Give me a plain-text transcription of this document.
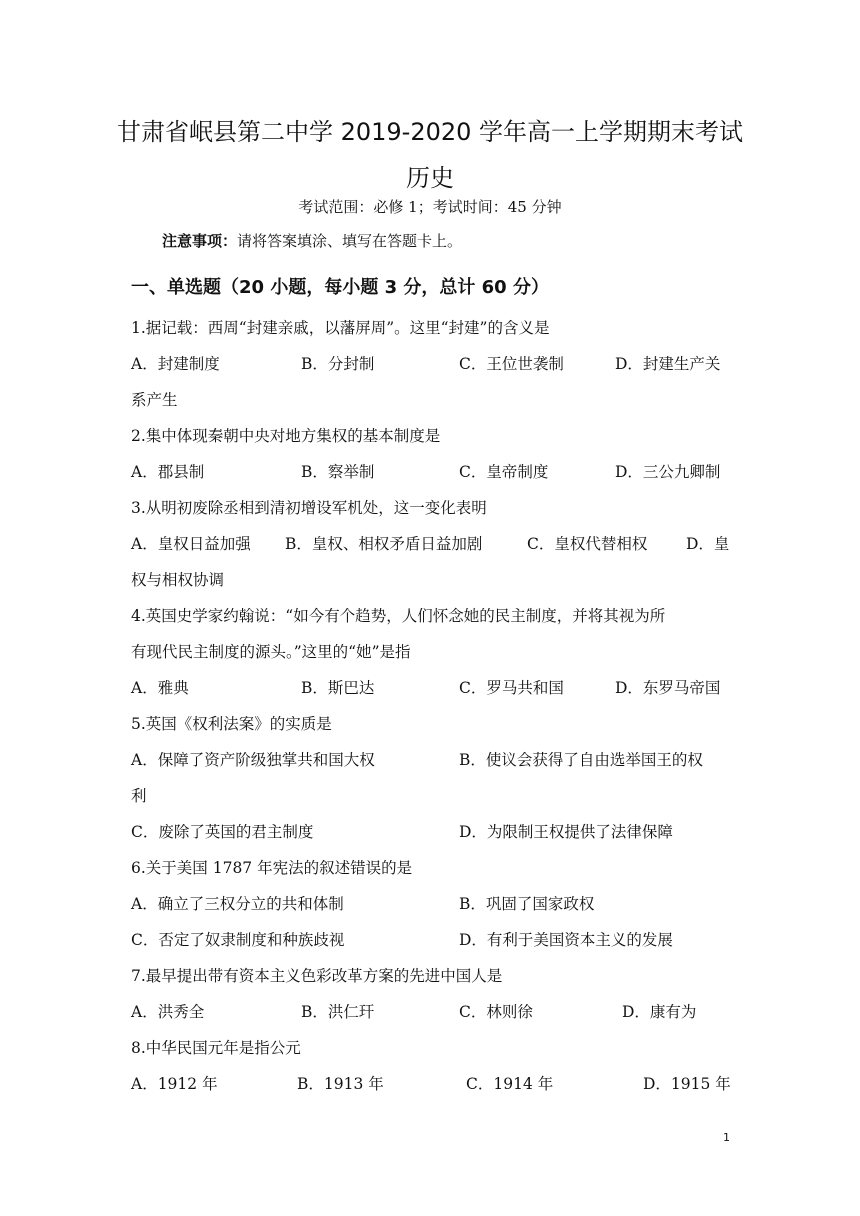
甘肃省岷县第二中学 2019-2020 学年高一上学期期末考试
历史
考试范围：必修 1；考试时间：45 分钟
注意事项：请将答案填涂、填写在答题卡上。
一、单选题（20 小题，每小题 3 分，总计 60 分）
1.据记载：西周“封建亲戚，以藩屏周”。这里“封建”的含义是
A．封建制度	B．分封制	C．王位世袭制	D．封建生产关
系产生
2.集中体现秦朝中央对地方集权的基本制度是
A．郡县制	B．察举制	C．皇帝制度	D．三公九卿制
3.从明初废除丞相到清初增设军机处，这一变化表明
A．皇权日益加强 B．皇权、相权矛盾日益加剧	C．皇权代替相权 D．皇
权与相权协调
4.英国史学家约翰说：“如今有个趋势，人们怀念她的民主制度，并将其视为所
有现代民主制度的源头。”这里的“她”是指
A．雅典	B．斯巴达	C．罗马共和国	D．东罗马帝国
5.英国《权利法案》的实质是
A．保障了资产阶级独掌共和国大权	B．使议会获得了自由选举国王的权
利
C．废除了英国的君主制度	D．为限制王权提供了法律保障
6.关于美国 1787 年宪法的叙述错误的是
A．确立了三权分立的共和体制	B．巩固了国家政权
C．否定了奴隶制度和种族歧视	D．有利于美国资本主义的发展
7.最早提出带有资本主义色彩改革方案的先进中国人是
A．洪秀全	B．洪仁玕	C．林则徐	D．康有为
8.中华民国元年是指公元
A．1912 年	B．1913 年	C．1914 年	D．1915 年
1
